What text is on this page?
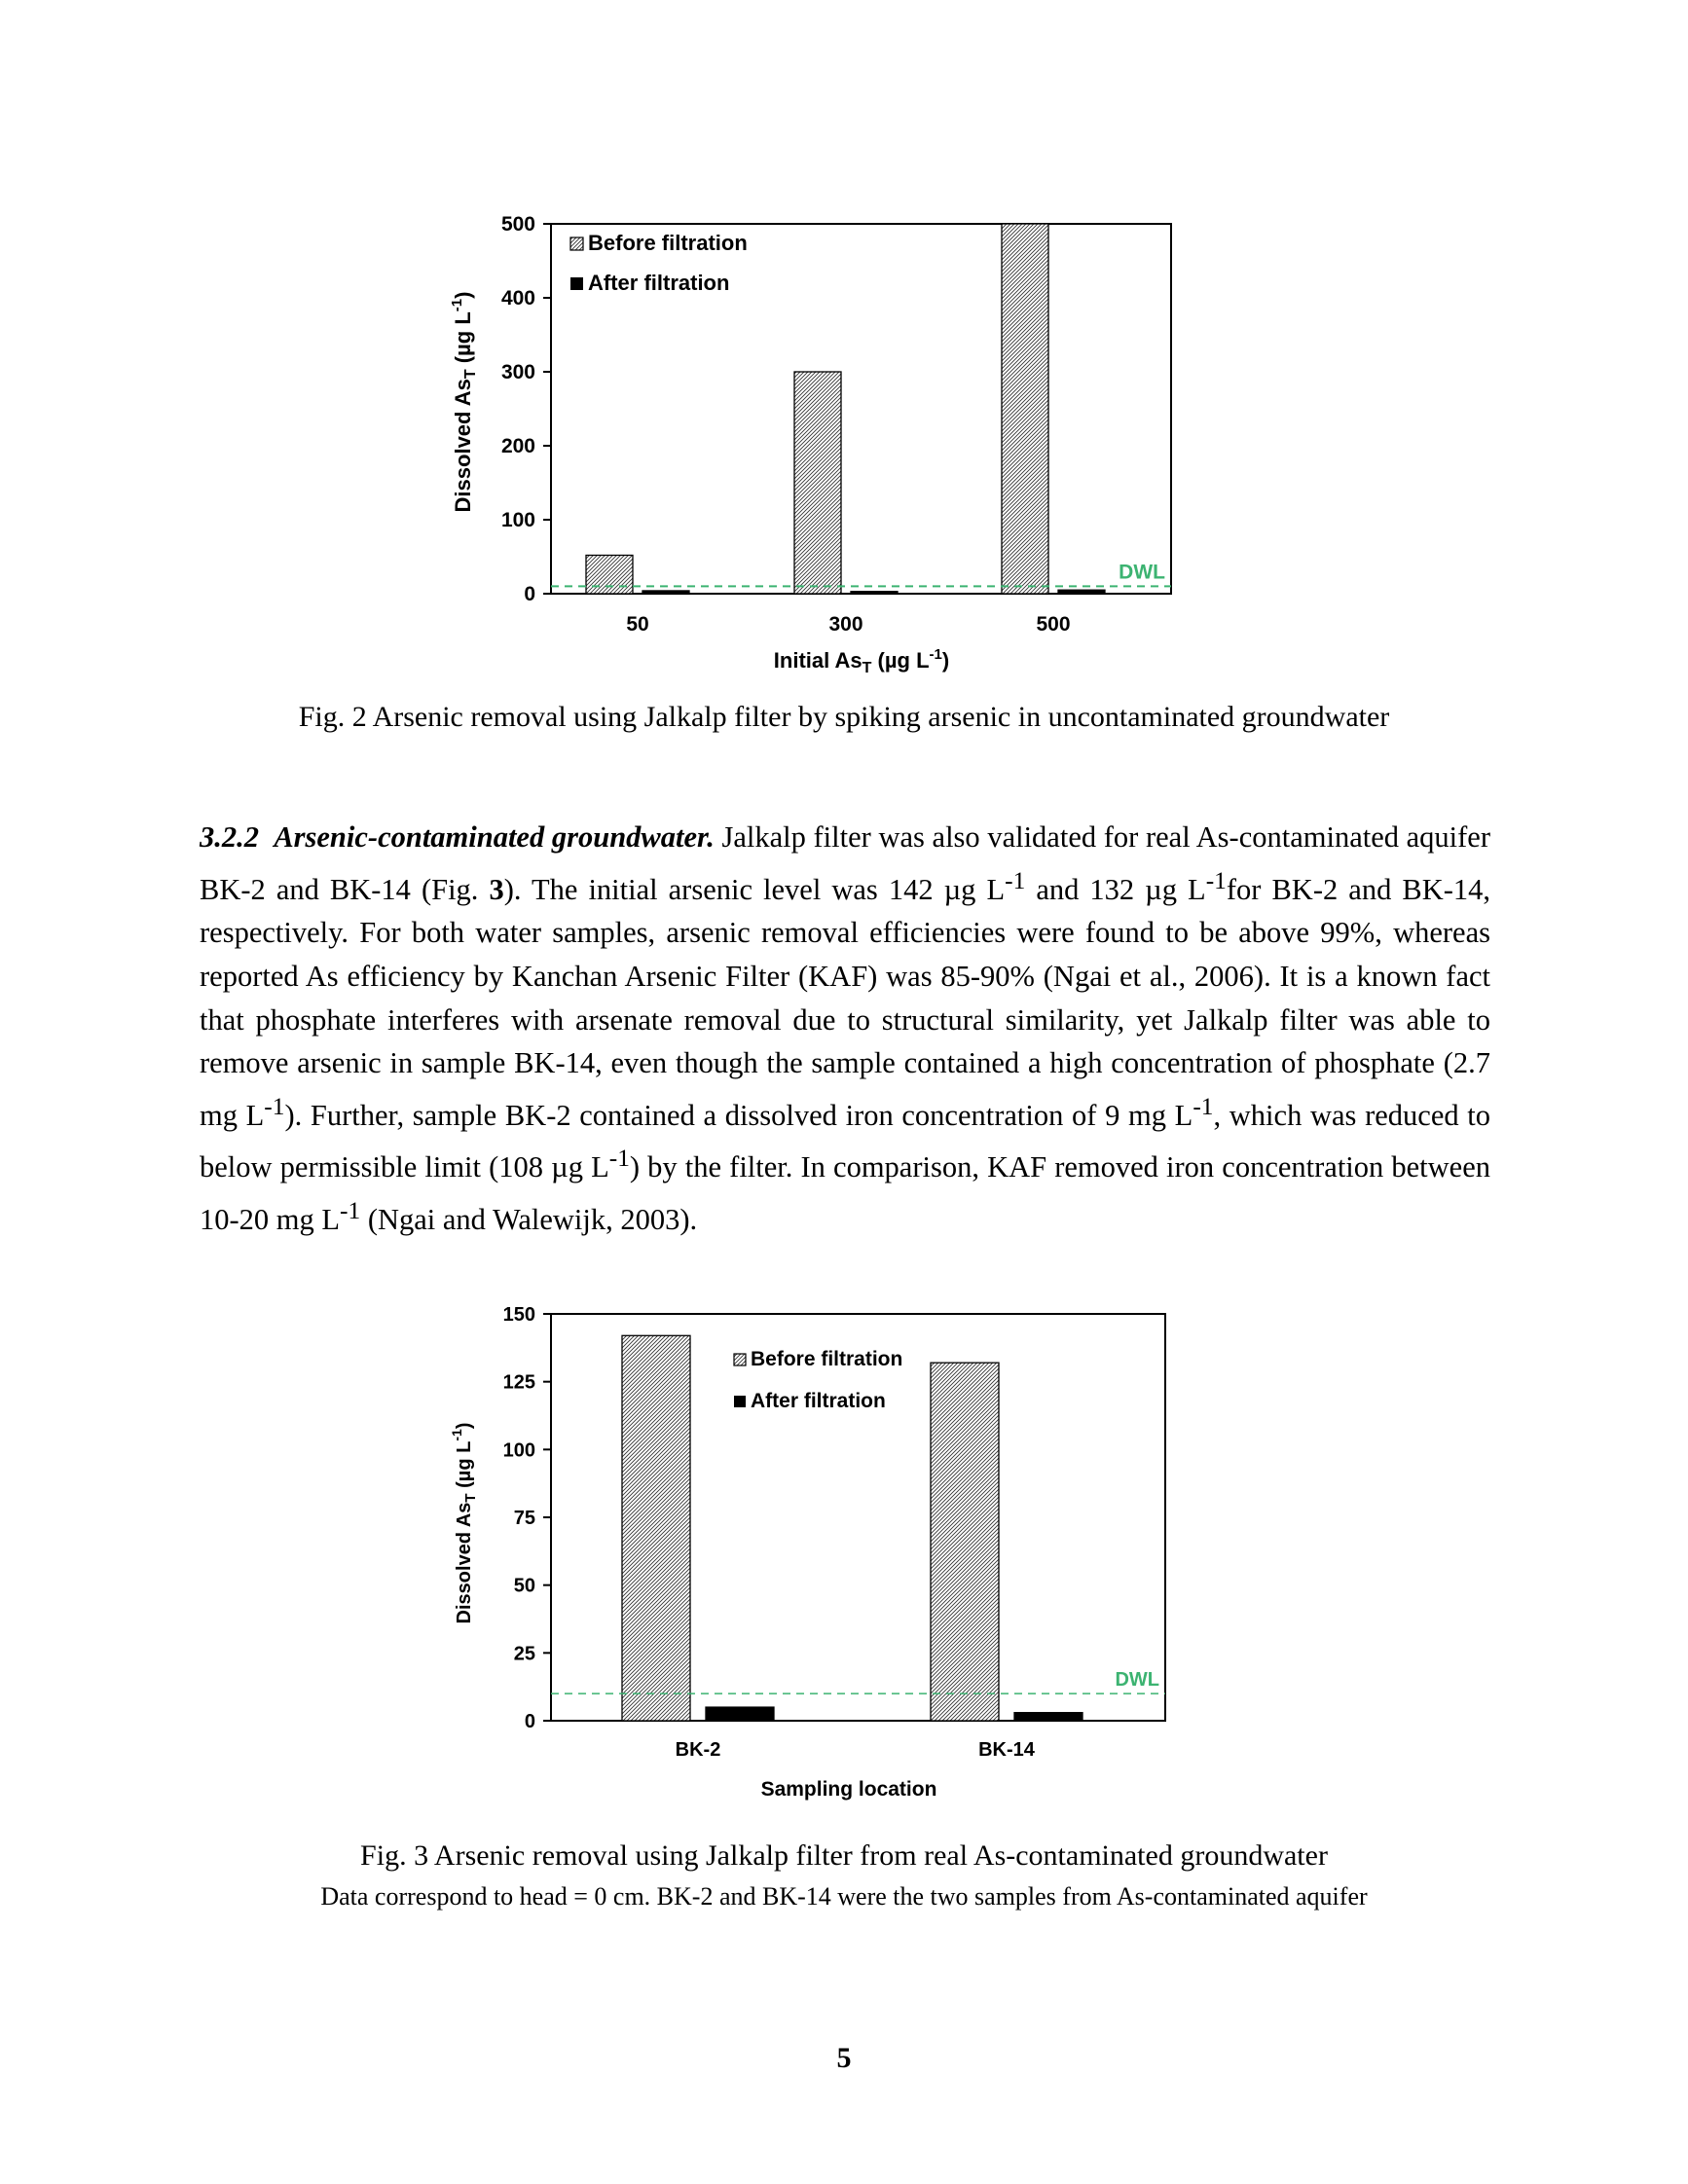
0
100
200
300
400
500
DWL
50	300	500
Before filtration
After filtration
Initial $As_T$ (µg $L^{-1}$)
Dissolved $As_T$ (µg $L^{-1}$)
Fig. 2 Arsenic removal using Jalkalp filter by spiking arsenic in uncontaminated groundwater
3.2.2 Arsenic-contaminated groundwater. Jalkalp filter was also validated for real As-contaminated aquifer BK-2 and BK-14 (Fig. 3). The initial arsenic level was 142 µg $L^{-1}$ and 132 µg $L^{-1}for$ BK-2 and BK-14, respectively. For both water samples, arsenic removal efficiencies were found to be above 99%, whereas reported As efficiency by Kanchan Arsenic Filter (KAF) was 85-90% (Ngai et al., 2006). It is a known fact that phosphate interferes with arsenate removal due to structural similarity, yet Jalkalp filter was able to remove arsenic in sample BK-14, even though the sample contained a high concentration of phosphate (2.7 mg $L^{-1}$). Further, sample BK-2 contained a dissolved iron concentration of 9 mg $L^{-1}$, which was reduced to below permissible limit (108 µg $L^{-1}$) by the filter. In comparison, KAF removed iron concentration between 10-20 mg $L^{-1}$ (Ngai and Walewijk, 2003).
0
25
50
75
100
125
150
DWL
BK-2	BK-14
Before filtration
After filtration
Sampling location
Dissolved $As_T$ (µg $L^{-1}$)
Fig. 3 Arsenic removal using Jalkalp filter from real As-contaminated groundwater
Data correspond to head = 0 cm. BK-2 and BK-14 were the two samples from As-contaminated aquifer
5
